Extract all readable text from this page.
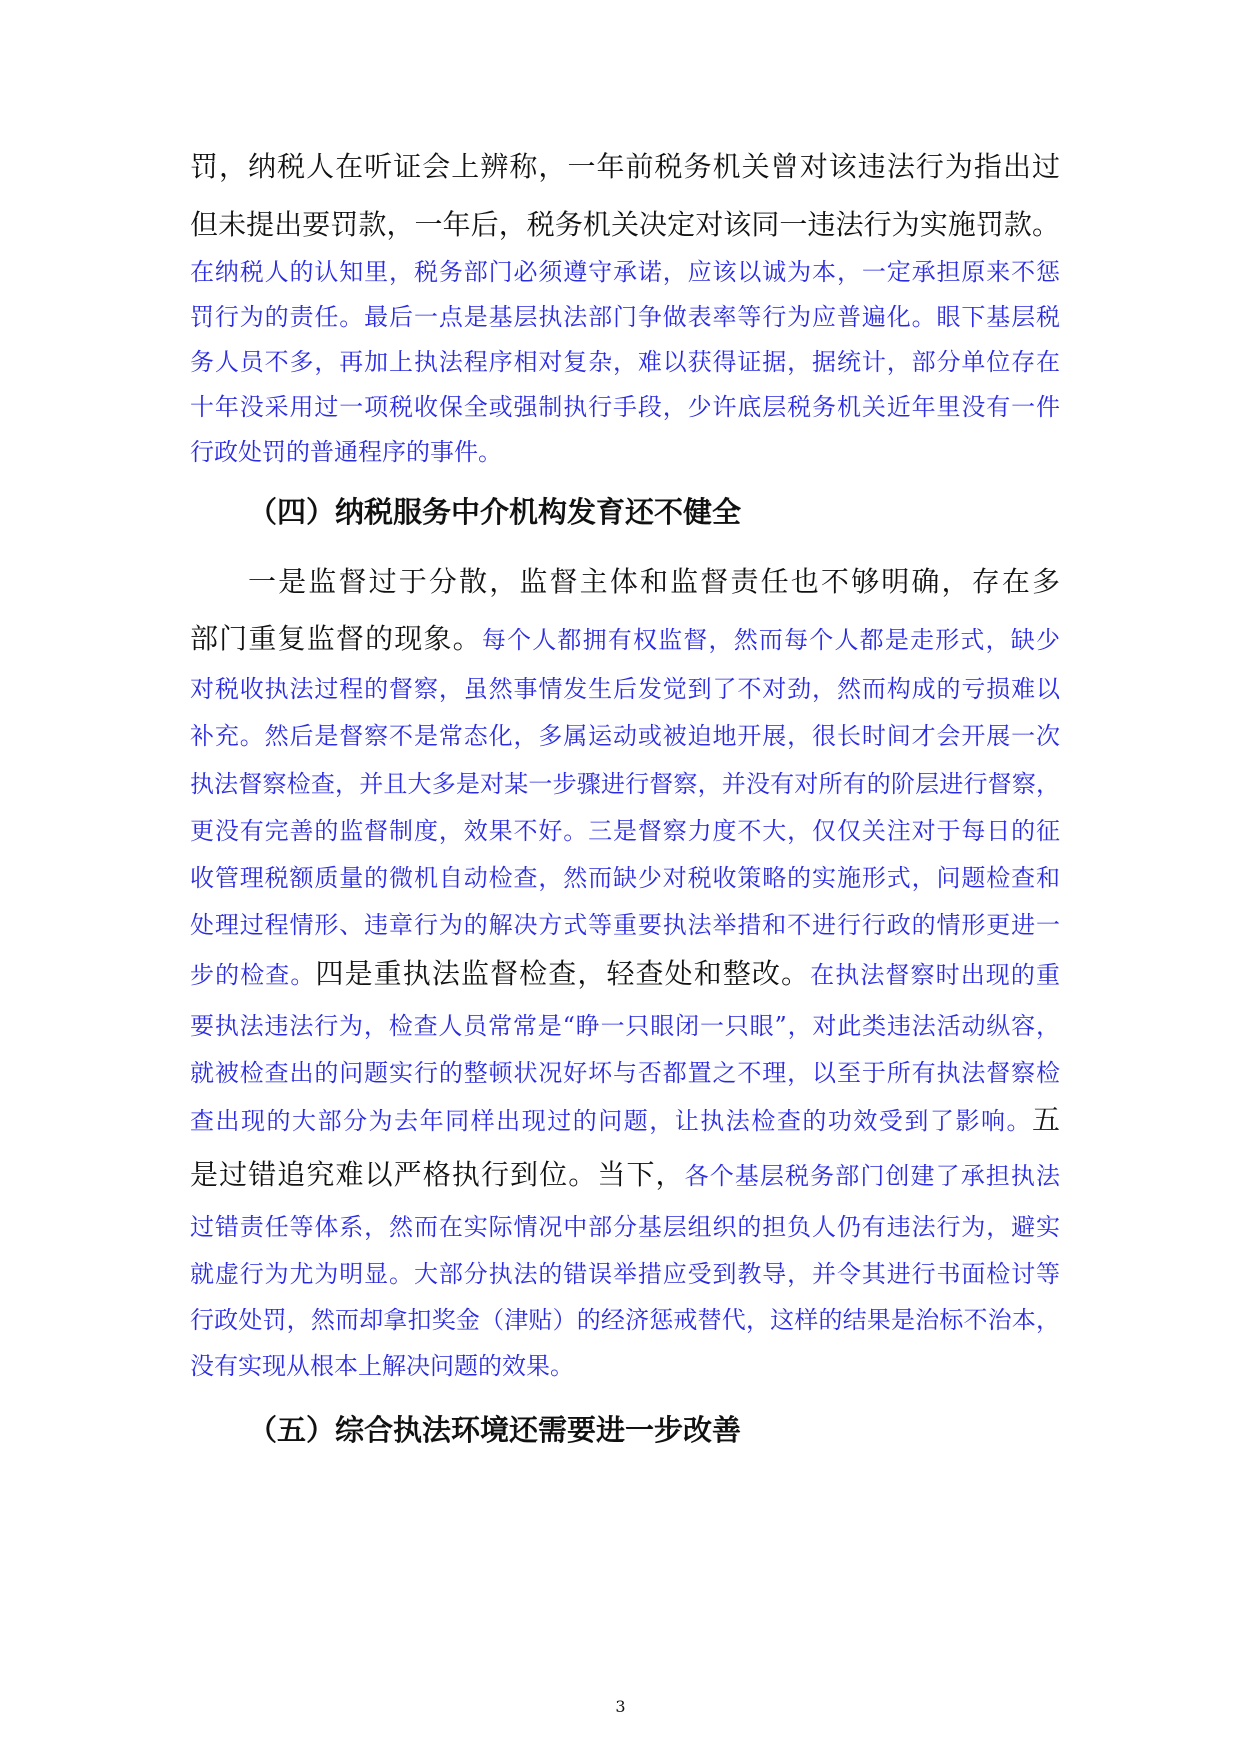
罚，纳税人在听证会上辨称，一年前税务机关曾对该违法行为指出过

但未提出要罚款，一年后，税务机关决定对该同一违法行为实施罚款。

在纳税人的认知里，税务部门必须遵守承诺，应该以诚为本，一定承担原来不惩

罚行为的责任。最后一点是基层执法部门争做表率等行为应普遍化。眼下基层税

务人员不多，再加上执法程序相对复杂，难以获得证据，据统计，部分单位存在

十年没采用过一项税收保全或强制执行手段，少许底层税务机关近年里没有一件

行政处罚的普通程序的事件。

（四）纳税服务中介机构发育还不健全

一是监督过于分散，监督主体和监督责任也不够明确，存在多

部门重复监督的现象。每个人都拥有权监督，然而每个人都是走形式，缺少

对税收执法过程的督察，虽然事情发生后发觉到了不对劲，然而构成的亏损难以

补充。然后是督察不是常态化，多属运动或被迫地开展，很长时间才会开展一次

执法督察检查，并且大多是对某一步骤进行督察，并没有对所有的阶层进行督察，

更没有完善的监督制度，效果不好。三是督察力度不大，仅仅关注对于每日的征

收管理税额质量的微机自动检查，然而缺少对税收策略的实施形式，问题检查和

处理过程情形、违章行为的解决方式等重要执法举措和不进行行政的情形更进一

步的检查。四是重执法监督检查，轻查处和整改。在执法督察时出现的重

要执法违法行为，检查人员常常是“睁一只眼闭一只眼”，对此类违法活动纵容，

就被检查出的问题实行的整顿状况好坏与否都置之不理，以至于所有执法督察检

查出现的大部分为去年同样出现过的问题，让执法检查的功效受到了影响。五

是过错追究难以严格执行到位。当下，各个基层税务部门创建了承担执法

过错责任等体系，然而在实际情况中部分基层组织的担负人仍有违法行为，避实

就虚行为尤为明显。大部分执法的错误举措应受到教导，并令其进行书面检讨等

行政处罚，然而却拿扣奖金（津贴）的经济惩戒替代，这样的结果是治标不治本，

没有实现从根本上解决问题的效果。

（五）综合执法环境还需要进一步改善
3
